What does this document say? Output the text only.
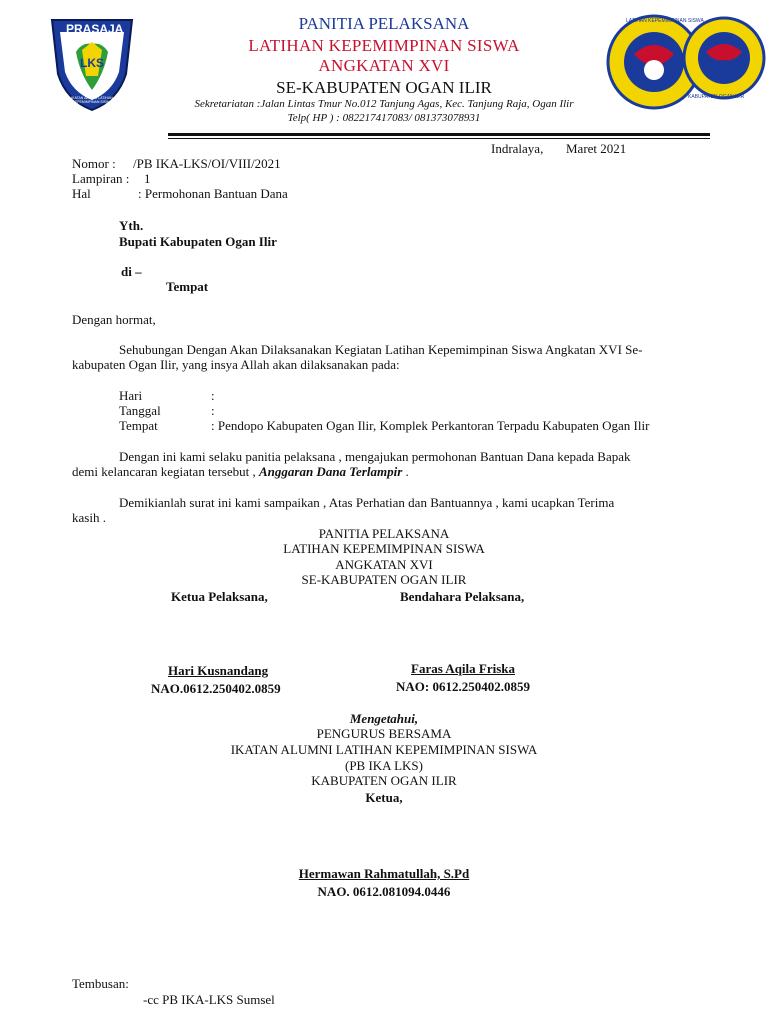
PRASAJA
LKS
IKATAN ALUMNI LATIHAN KEPEMIMPINAN SISWA
LATIHAN KEPEMIMPINAN SISWA
KABUPATEN OGAN ILIR
PANITIA PELAKSANA
LATIHAN KEPEMIMPINAN SISWA
ANGKATAN XVI
SE-KABUPATEN OGAN ILIR
Sekretariatan :Jalan Lintas Tmur No.012 Tanjung Agas, Kec. Tanjung Raja, Ogan Ilir
Telp( HP ) : 082217417083/ 081373078931
Indralaya, Maret 2021
Nomor : /PB IKA-LKS/OI/VIII/2021
Lampiran : 1
Hal	: Permohonan Bantuan Dana
Yth.
Bupati Kabupaten Ogan Ilir
di –
Tempat
Dengan hormat,
Sehubungan Dengan Akan Dilaksanakan Kegiatan Latihan Kepemimpinan Siswa Angkatan XVI Se-
kabupaten Ogan Ilir, yang insya Allah akan dilaksanakan pada:
Hari	:
Tanggal	:
Tempat	: Pendopo Kabupaten Ogan Ilir, Komplek Perkantoran Terpadu Kabupaten Ogan Ilir
Dengan ini kami selaku panitia pelaksana , mengajukan permohonan Bantuan Dana kepada Bapak
demi kelancaran kegiatan tersebut , Anggaran Dana Terlampir .
Demikianlah surat ini kami sampaikan , Atas Perhatian dan Bantuannya , kami ucapkan Terima
kasih .
PANITIA PELAKSANA
LATIHAN KEPEMIMPINAN SISWA
ANGKATAN XVI
SE-KABUPATEN OGAN ILIR
Ketua Pelaksana,	Bendahara Pelaksana,
Hari Kusnandang
NAO.0612.250402.0859
Faras Aqila Friska
NAO: 0612.250402.0859
Mengetahui,
PENGURUS BERSAMA
IKATAN ALUMNI LATIHAN KEPEMIMPINAN SISWA
(PB IKA LKS)
KABUPATEN OGAN ILIR
Ketua,
Hermawan Rahmatullah, S.Pd
NAO. 0612.081094.0446
Tembusan:
-cc PB IKA-LKS Sumsel
